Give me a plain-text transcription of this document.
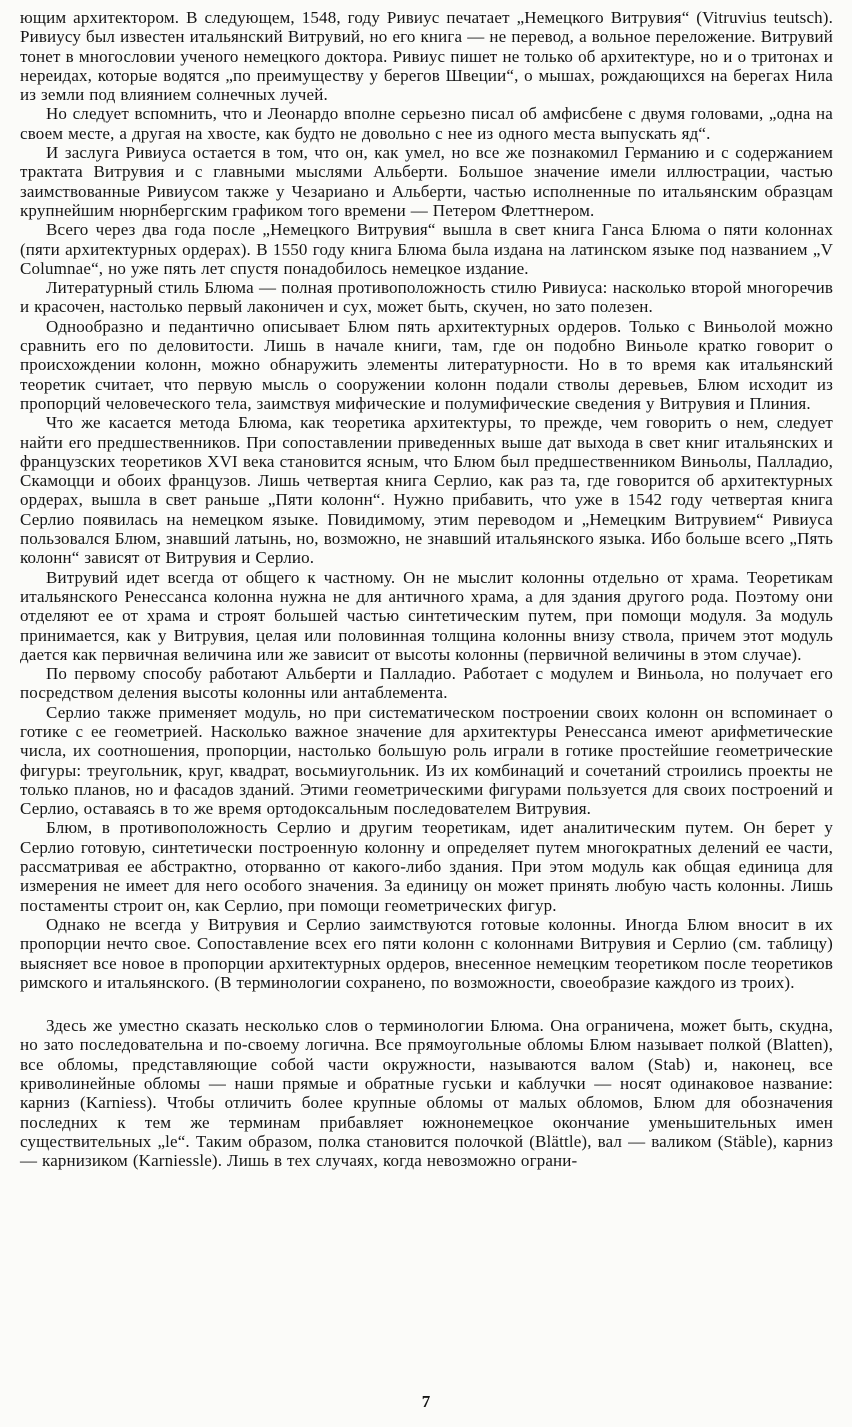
ющим архитектором. В следующем, 1548, году Ривиус печатает „Немецкого Витрувия“ (Vitruvius teutsch). Ривиусу был известен итальянский Витрувий, но его книга — не перевод, а вольное переложение. Витрувий тонет в многословии ученого немецкого доктора. Ривиус пишет не только об архитектуре, но и о тритонах и нереидах, которые водятся „по преимуществу у берегов Швеции“, о мышах, рождающихся на берегах Нила из земли под влиянием солнечных лучей.

Но следует вспомнить, что и Леонардо вполне серьезно писал об амфисбене с двумя головами, „одна на своем месте, а другая на хвосте, как будто не довольно с нее из одного места выпускать яд“.

И заслуга Ривиуса остается в том, что он, как умел, но все же познакомил Германию и с содержанием трактата Витрувия и с главными мыслями Альберти. Большое значение имели иллюстрации, частью заимствованные Ривиусом также у Чезариано и Альберти, частью исполненные по итальянским образцам крупнейшим нюрнбергским графиком того времени — Петером Флеттнером.

Всего через два года после „Немецкого Витрувия“ вышла в свет книга Ганса Блюма о пяти колоннах (пяти архитектурных ордерах). В 1550 году книга Блюма была издана на латинском языке под названием „V Columnae“, но уже пять лет спустя понадобилось немецкое издание.

Литературный стиль Блюма — полная противоположность стилю Ривиуса: насколько второй многоречив и красочен, настолько первый лаконичен и сух, может быть, скучен, но зато полезен.

Однообразно и педантично описывает Блюм пять архитектурных ордеров. Только с Виньолой можно сравнить его по деловитости. Лишь в начале книги, там, где он подобно Виньоле кратко говорит о происхождении колонн, можно обнаружить элементы литературности. Но в то время как итальянский теоретик считает, что первую мысль о сооружении колонн подали стволы деревьев, Блюм исходит из пропорций человеческого тела, заимствуя мифические и полумифические сведения у Витрувия и Плиния.

Что же касается метода Блюма, как теоретика архитектуры, то прежде, чем говорить о нем, следует найти его предшественников. При сопоставлении приведенных выше дат выхода в свет книг итальянских и французских теоретиков XVI века становится ясным, что Блюм был предшественником Виньолы, Палладио, Скамоцци и обоих французов. Лишь четвертая книга Серлио, как раз та, где говорится об архитектурных ордерах, вышла в свет раньше „Пяти колонн“. Нужно прибавить, что уже в 1542 году четвертая книга Серлио появилась на немецком языке. Повидимому, этим переводом и „Немецким Витрувием“ Ривиуса пользовался Блюм, знавший латынь, но, возможно, не знавший итальянского языка. Ибо больше всего „Пять колонн“ зависят от Витрувия и Серлио.

Витрувий идет всегда от общего к частному. Он не мыслит колонны отдельно от храма. Теоретикам итальянского Ренессанса колонна нужна не для античного храма, а для здания другого рода. Поэтому они отделяют ее от храма и строят большей частью синтетическим путем, при помощи модуля. За модуль принимается, как у Витрувия, целая или половинная толщина колонны внизу ствола, причем этот модуль дается как первичная величина или же зависит от высоты колонны (первичной величины в этом случае).

По первому способу работают Альберти и Палладио. Работает с модулем и Виньола, но получает его посредством деления высоты колонны или антаблемента.

Серлио также применяет модуль, но при систематическом построении своих колонн он вспоминает о готике с ее геометрией. Насколько важное значение для архитектуры Ренессанса имеют арифметические числа, их соотношения, пропорции, настолько большую роль играли в готике простейшие геометрические фигуры: треугольник, круг, квадрат, восьмиугольник. Из их комбинаций и сочетаний строились проекты не только планов, но и фасадов зданий. Этими геометрическими фигурами пользуется для своих построений и Серлио, оставаясь в то же время ортодоксальным последователем Витрувия.

Блюм, в противоположность Серлио и другим теоретикам, идет аналитическим путем. Он берет у Серлио готовую, синтетически построенную колонну и определяет путем многократных делений ее части, рассматривая ее абстрактно, оторванно от какого-либо здания. При этом модуль как общая единица для измерения не имеет для него особого значения. За единицу он может принять любую часть колонны. Лишь постаменты строит он, как Серлио, при помощи геометрических фигур.

Однако не всегда у Витрувия и Серлио заимствуются готовые колонны. Иногда Блюм вносит в их пропорции нечто свое. Сопоставление всех его пяти колонн с колоннами Витрувия и Серлио (см. таблицу) выясняет все новое в пропорции архитектурных ордеров, внесенное немецким теоретиком после теоретиков римского и итальянского. (В терминологии сохранено, по возможности, своеобразие каждого из троих).

Здесь же уместно сказать несколько слов о терминологии Блюма. Она ограничена, может быть, скудна, но зато последовательна и по-своему логична. Все прямоугольные обломы Блюм называет полкой (Blatten), все обломы, представляющие собой части окружности, называются валом (Stab) и, наконец, все криволинейные обломы — наши прямые и обратные гуськи и каблучки — носят одинаковое название: карниз (Karniess). Чтобы отличить более крупные обломы от малых обломов, Блюм для обозначения последних к тем же терминам прибавляет южнонемецкое окончание уменьшительных имен существительных „le“. Таким образом, полка становится полочкой (Blättle), вал — валиком (Stäble), карниз — карнизиком (Karniessle). Лишь в тех случаях, когда невозможно ограни-

7
